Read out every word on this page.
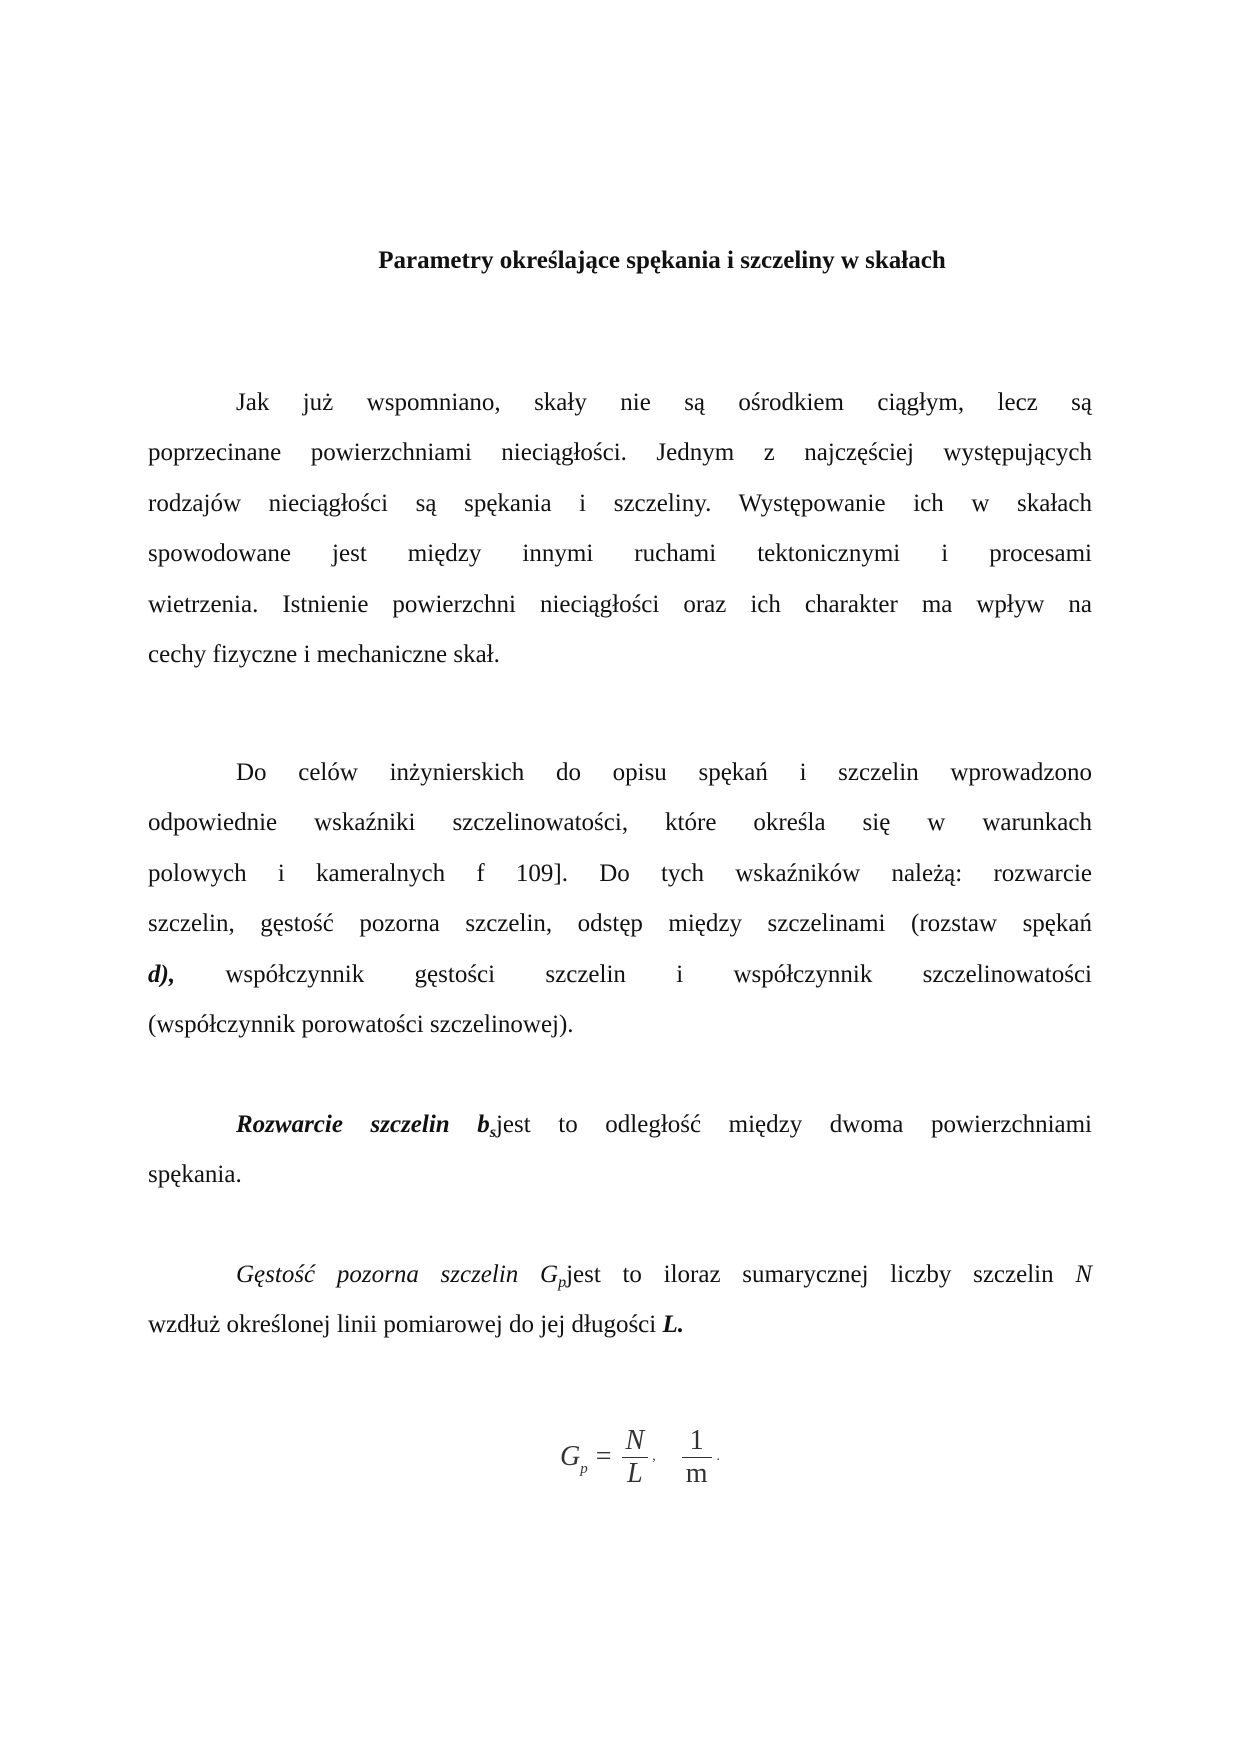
Parametry określające spękania i szczeliny w skałach
Jak już wspomniano, skały nie są ośrodkiem ciągłym, lecz są
poprzecinane powierzchniami nieciągłości. Jednym z najczęściej występujących
rodzajów nieciągłości są spękania i szczeliny. Występowanie ich w skałach
spowodowane jest między innymi ruchami tektonicznymi i procesami
wietrzenia. Istnienie powierzchni nieciągłości oraz ich charakter ma wpływ na
cechy fizyczne i mechaniczne skał.
Do celów inżynierskich do opisu spękań i szczelin wprowadzono
odpowiednie wskaźniki szczelinowatości, które określa się w warunkach
polowych i kameralnych f 109]. Do tych wskaźników należą: rozwarcie
szczelin, gęstość pozorna szczelin, odstęp między szczelinami (rozstaw spękań
d), współczynnik gęstości szczelin i współczynnik szczelinowatości
(współczynnik porowatości szczelinowej).
Rozwarcie szczelin $b_sjest$ to odległość między dwoma powierzchniami
spękania.
Gęstość pozorna szczelin $G_pjest$ to iloraz sumarycznej liczby szczelin N
wzdłuż określonej linii pomiarowej do jej długości L.
$G_p = \frac{N}{L}$ , $\frac{1}{m}$ .
